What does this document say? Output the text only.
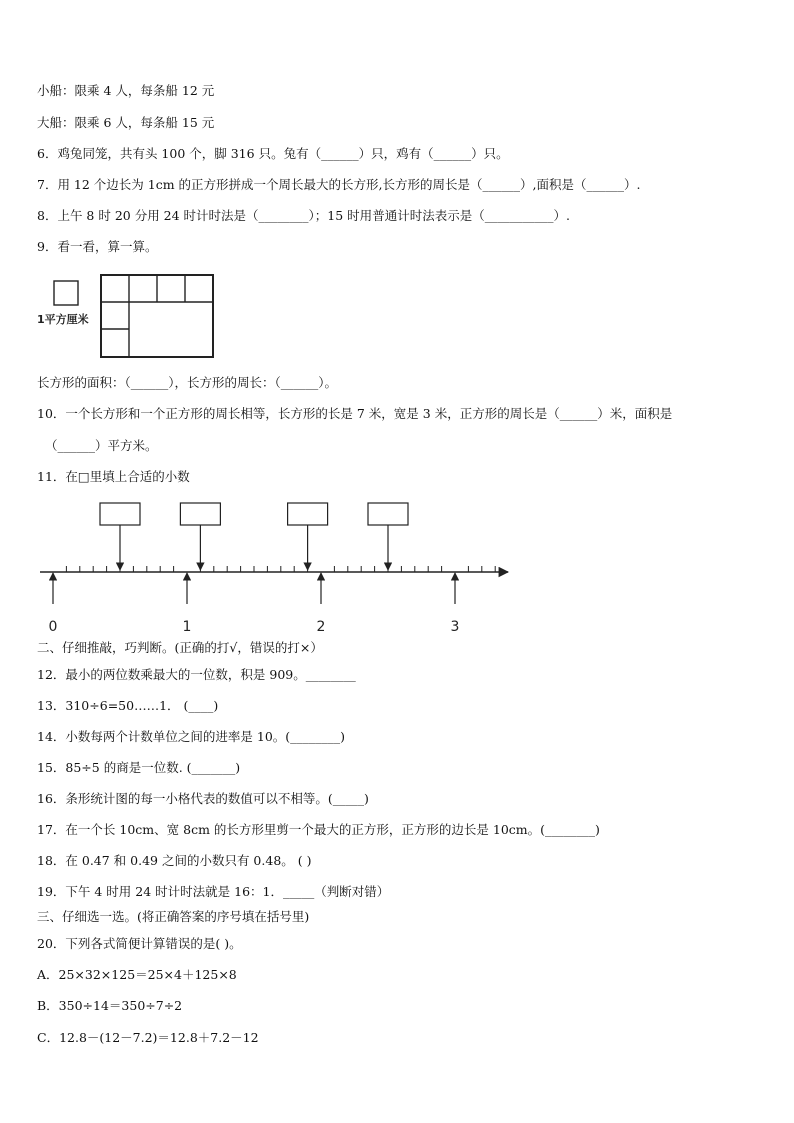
小船：限乘 4 人，每条船 12 元
大船：限乘 6 人，每条船 15 元
6．鸡兔同笼，共有头 100 个，脚 316 只。兔有（______）只，鸡有（______）只。
7．用 12 个边长为 1cm 的正方形拼成一个周长最大的长方形,长方形的周长是（______）,面积是（______）.
8．上午 8 时 20 分用 24 时计时法是（________）；15 时用普通计时法表示是（___________）.
9．看一看，算一算。
1平方厘米
长方形的面积：（______），长方形的周长：（______）。
10．一个长方形和一个正方形的周长相等，长方形的长是 7 米，宽是 3 米，正方形的周长是（______）米，面积是
（______）平方米。
11．在□里填上合适的小数
0	1	2	3
二、仔细推敲，巧判断。(正确的打√，错误的打×）
12．最小的两位数乘最大的一位数，积是 909。________
13．310÷6=50……1． (____)
14．小数每两个计数单位之间的进率是 10。(________)
15．85÷5 的商是一位数. (_______)
16．条形统计图的每一小格代表的数值可以不相等。(_____)
17．在一个长 10cm、宽 8cm 的长方形里剪一个最大的正方形，正方形的边长是 10cm。(________)
18．在 0.47 和 0.49 之间的小数只有 0.48。 ( )
19．下午 4 时用 24 时计时法就是 16：1．_____（判断对错）
三、仔细选一选。(将正确答案的序号填在括号里)
20．下列各式简便计算错误的是( )。
A．25×32×125＝25×4＋125×8
B．350÷14＝350÷7÷2
C．12.8－(12－7.2)＝12.8＋7.2－12
